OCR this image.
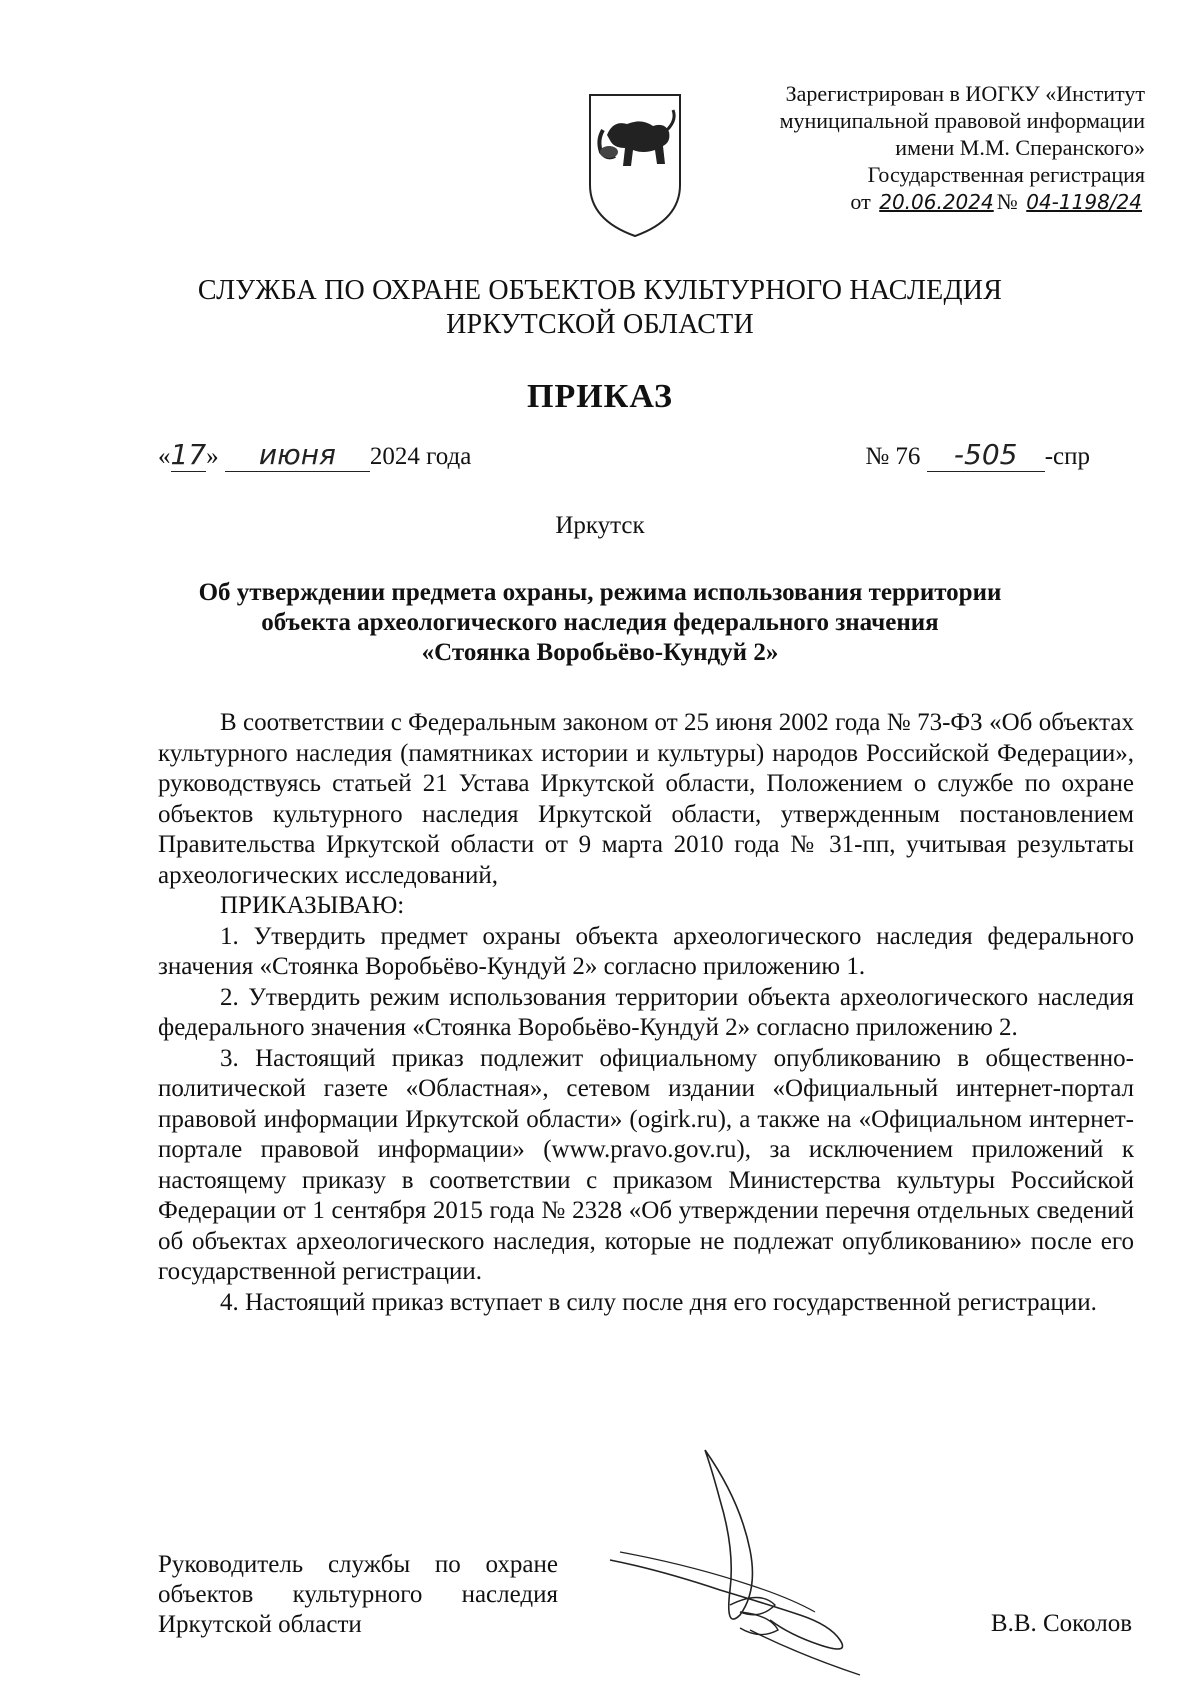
Зарегистрирован в ИОГКУ «Институт
муниципальной правовой информации
имени М.М. Сперанского»
Государственная регистрация
от 20.06.2024 № 04-1198/24
СЛУЖБА ПО ОХРАНЕ ОБЪЕКТОВ КУЛЬТУРНОГО НАСЛЕДИЯ
ИРКУТСКОЙ ОБЛАСТИ
ПРИКАЗ
«17» июня 2024 года	№ 76 -505 -спр
Иркутск
Об утверждении предмета охраны, режима использования территории
объекта археологического наследия федерального значения
«Стоянка Воробьёво-Кундуй 2»

В соответствии с Федеральным законом от 25 июня 2002 года № 73-ФЗ «Об объектах культурного наследия (памятниках истории и культуры) народов Российской Федерации», руководствуясь статьей 21 Устава Иркутской области, Положением о службе по охране объектов культурного наследия Иркутской области, утвержденным постановлением Правительства Иркутской области от 9 марта 2010 года № 31-пп, учитывая результаты археологических исследований,

ПРИКАЗЫВАЮ:

1. Утвердить предмет охраны объекта археологического наследия федерального значения «Стоянка Воробьёво-Кундуй 2» согласно приложению 1.

2. Утвердить режим использования территории объекта археологического наследия федерального значения «Стоянка Воробьёво-Кундуй 2» согласно приложению 2.

3. Настоящий приказ подлежит официальному опубликованию в общественно-политической газете «Областная», сетевом издании «Официальный интернет-портал правовой информации Иркутской области» (ogirk.ru), а также на «Официальном интернет-портале правовой информации» (www.pravo.gov.ru), за исключением приложений к настоящему приказу в соответствии с приказом Министерства культуры Российской Федерации от 1 сентября 2015 года № 2328 «Об утверждении перечня отдельных сведений об объектах археологического наследия, которые не подлежат опубликованию» после его государственной регистрации.

4. Настоящий приказ вступает в силу после дня его государственной регистрации.

Руководитель службы по охране
объектов культурного наследия
Иркутской области	В.В. Соколов
